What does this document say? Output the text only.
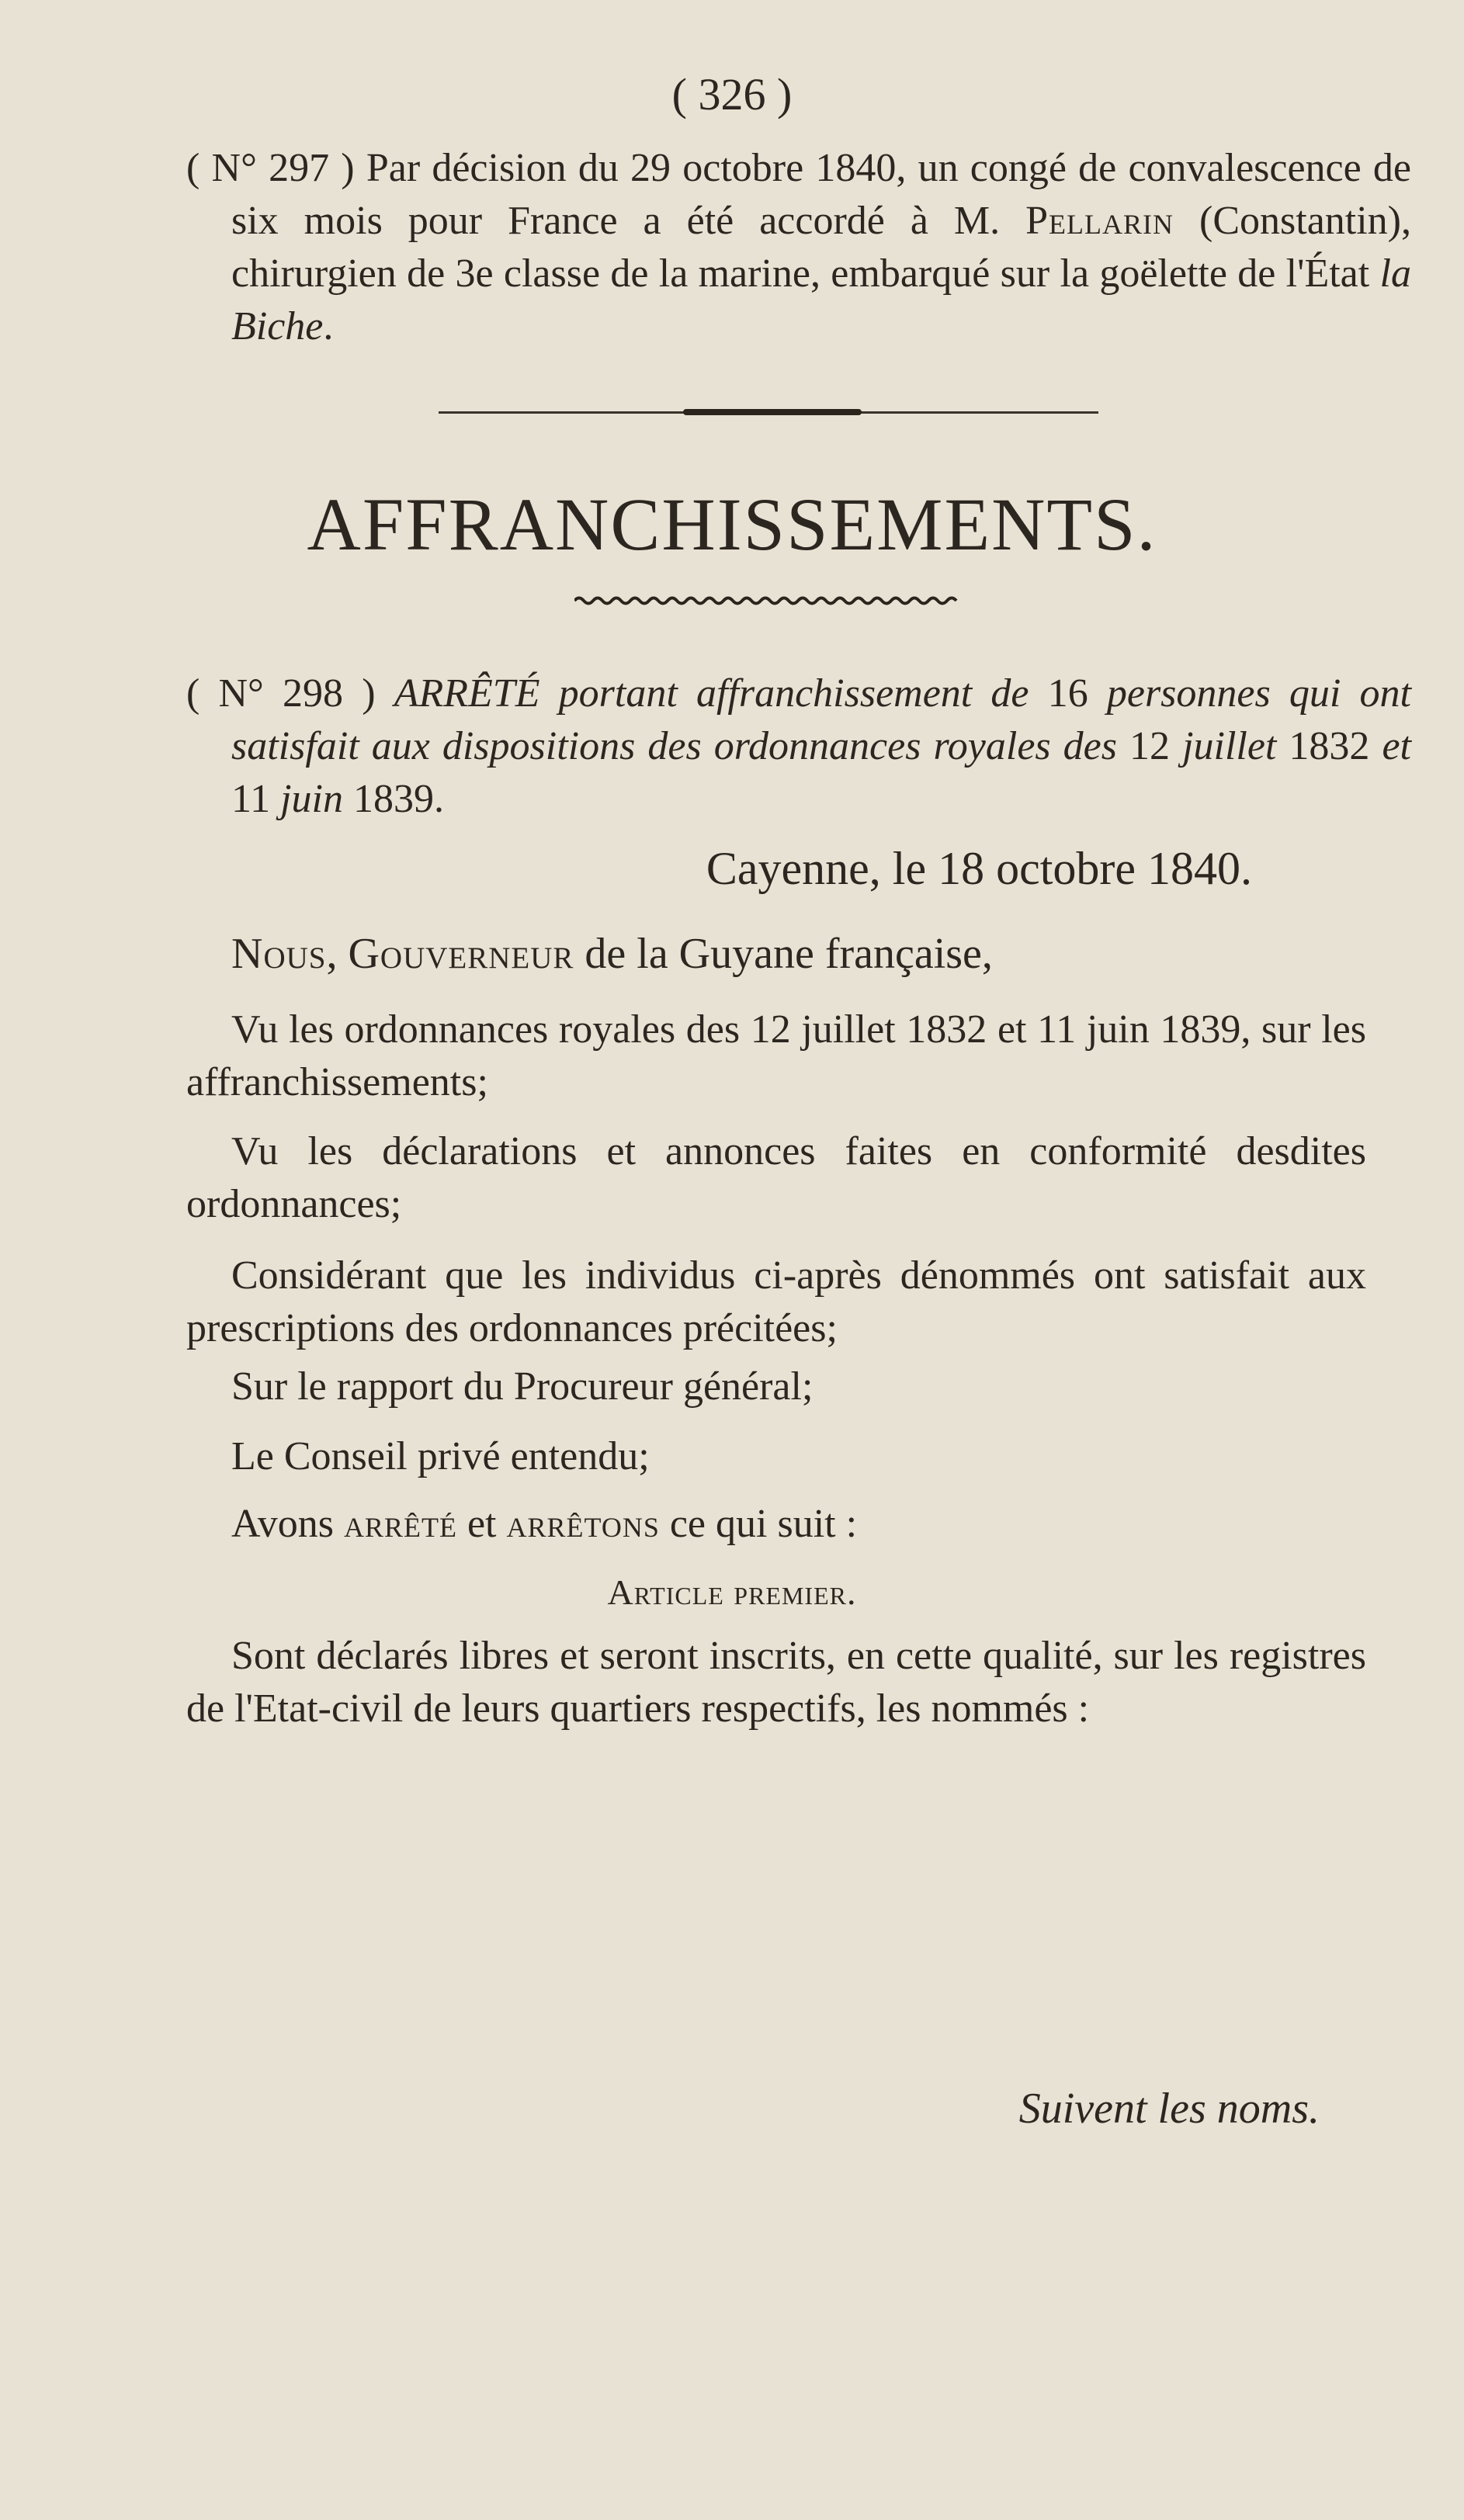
( 326 )
( N° 297 ) Par décision du 29 octobre 1840, un congé de convalescence de six mois pour France a été accordé à M. Pellarin (Constantin), chirurgien de 3e classe de la marine, embarqué sur la goëlette de l'État la Biche.
AFFRANCHISSEMENTS.
( N° 298 ) ARRÊTÉ portant affranchissement de 16 personnes qui ont satisfait aux dispositions des ordonnances royales des 12 juillet 1832 et 11 juin 1839.
Cayenne, le 18 octobre 1840.
Nous, Gouverneur de la Guyane française,
Vu les ordonnances royales des 12 juillet 1832 et 11 juin 1839, sur les affranchissements;
Vu les déclarations et annonces faites en conformité desdites ordonnances;
Considérant que les individus ci-après dénommés ont satisfait aux prescriptions des ordonnances précitées;
Sur le rapport du Procureur général;
Le Conseil privé entendu;
Avons arrêté et arrêtons ce qui suit :
Article premier.
Sont déclarés libres et seront inscrits, en cette qualité, sur les registres de l'Etat-civil de leurs quartiers respectifs, les nommés :
Suivent les noms.
